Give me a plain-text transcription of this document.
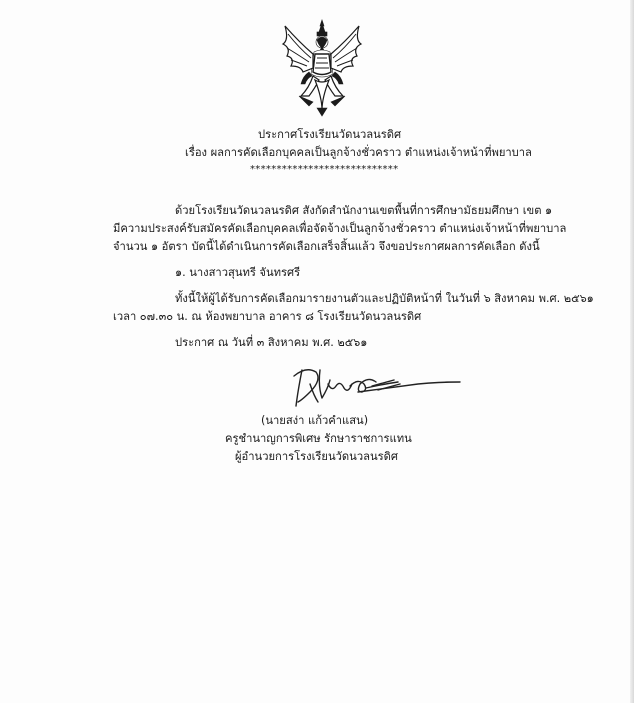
ประกาศโรงเรียนวัดนวลนรดิศ
เรื่อง ผลการคัดเลือกบุคคลเป็นลูกจ้างชั่วคราว ตำแหน่งเจ้าหน้าที่พยาบาล
****************************
ด้วยโรงเรียนวัดนวลนรดิศ สังกัดสำนักงานเขตพื้นที่การศึกษามัธยมศึกษา เขต ๑
มีความประสงค์รับสมัครคัดเลือกบุคคลเพื่อจัดจ้างเป็นลูกจ้างชั่วคราว ตำแหน่งเจ้าหน้าที่พยาบาล
จำนวน ๑ อัตรา บัดนี้ได้ดำเนินการคัดเลือกเสร็จสิ้นแล้ว จึงขอประกาศผลการคัดเลือก ดังนี้
๑. นางสาวสุนทรี จันทรศรี
ทั้งนี้ให้ผู้ได้รับการคัดเลือกมารายงานตัวและปฏิบัติหน้าที่ ในวันที่ ๖ สิงหาคม พ.ศ. ๒๕๖๑
เวลา ๐๗.๓๐ น. ณ ห้องพยาบาล อาคาร ๘ โรงเรียนวัดนวลนรดิศ
ประกาศ ณ วันที่ ๓ สิงหาคม พ.ศ. ๒๕๖๑
(นายสง่า แก้วคำแสน)
ครูชำนาญการพิเศษ รักษาราชการแทน
ผู้อำนวยการโรงเรียนวัดนวลนรดิศ
